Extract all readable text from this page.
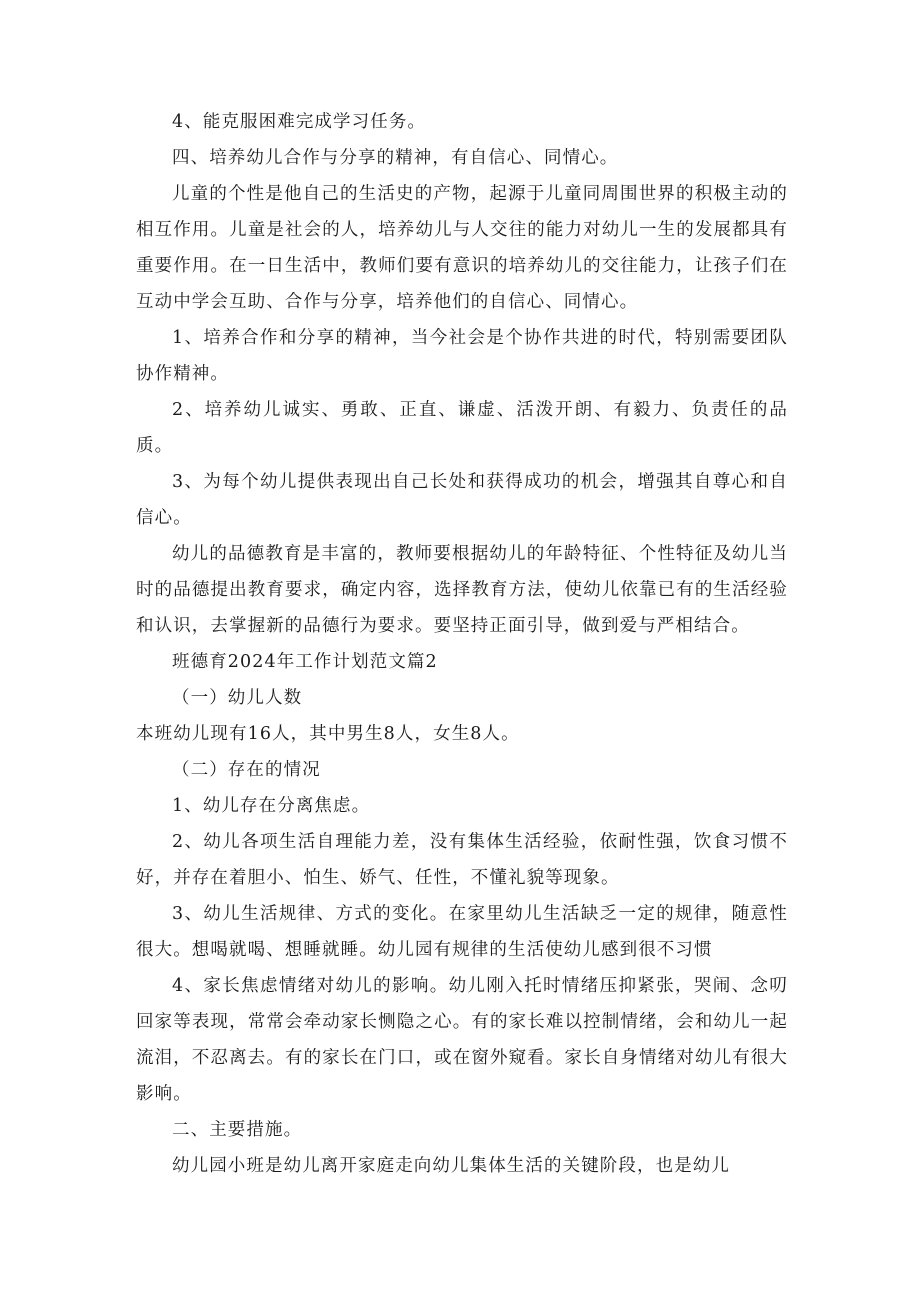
4、能克服困难完成学习任务。

四、培养幼儿合作与分享的精神，有自信心、同情心。

儿童的个性是他自己的生活史的产物，起源于儿童同周围世界的积极主动的相互作用。儿童是社会的人，培养幼儿与人交往的能力对幼儿一生的发展都具有重要作用。在一日生活中，教师们要有意识的培养幼儿的交往能力，让孩子们在互动中学会互助、合作与分享，培养他们的自信心、同情心。

1、培养合作和分享的精神，当今社会是个协作共进的时代，特别需要团队协作精神。

2、培养幼儿诚实、勇敢、正直、谦虚、活泼开朗、有毅力、负责任的品质。

3、为每个幼儿提供表现出自己长处和获得成功的机会，增强其自尊心和自信心。

幼儿的品德教育是丰富的，教师要根据幼儿的年龄特征、个性特征及幼儿当时的品德提出教育要求，确定内容，选择教育方法，使幼儿依靠已有的生活经验和认识，去掌握新的品德行为要求。要坚持正面引导，做到爱与严相结合。

班德育2024年工作计划范文篇2

（一）幼儿人数

本班幼儿现有16人，其中男生8人，女生8人。

（二）存在的情况

1、幼儿存在分离焦虑。

2、幼儿各项生活自理能力差，没有集体生活经验，依耐性强，饮食习惯不好，并存在着胆小、怕生、娇气、任性，不懂礼貌等现象。

3、幼儿生活规律、方式的变化。在家里幼儿生活缺乏一定的规律，随意性很大。想喝就喝、想睡就睡。幼儿园有规律的生活使幼儿感到很不习惯

4、家长焦虑情绪对幼儿的影响。幼儿刚入托时情绪压抑紧张，哭闹、念叨回家等表现，常常会牵动家长恻隐之心。有的家长难以控制情绪，会和幼儿一起流泪，不忍离去。有的家长在门口，或在窗外窥看。家长自身情绪对幼儿有很大影响。

二、主要措施。

幼儿园小班是幼儿离开家庭走向幼儿集体生活的关键阶段，也是幼儿
